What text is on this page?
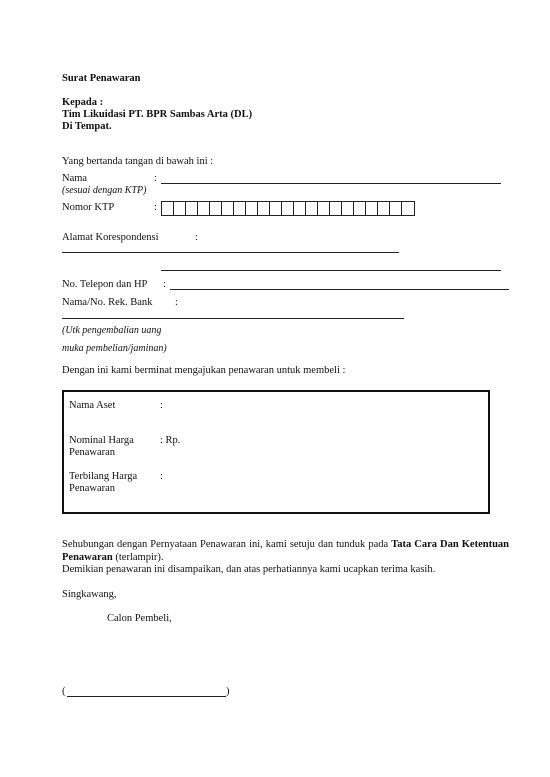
Surat Penawaran
Kepada :
Tim Likuidasi PT. BPR Sambas Arta (DL)
Di Tempat.
Yang bertanda tangan di bawah ini :
Nama	:
(sesuai dengan KTP)
Nomor KTP	:
Alamat Korespondensi	:
No. Telepon dan HP :
Nama/No. Rek. Bank :
(Utk pengembalian uang
muka pembelian/jaminan)
Dengan ini kami berminat mengajukan penawaran untuk membeli :
Nama Aset	:
Nominal Harga
Penawaran
: Rp.
Terbilang Harga
Penawaran
:
Sehubungan dengan Pernyataan Penawaran ini, kami setuju dan tunduk pada Tata Cara Dan Ketentuan Penawaran (terlampir).
Demikian penawaran ini disampaikan, dan atas perhatiannya kami ucapkan terima kasih.
Singkawang,
Calon Pembeli,
(	)
